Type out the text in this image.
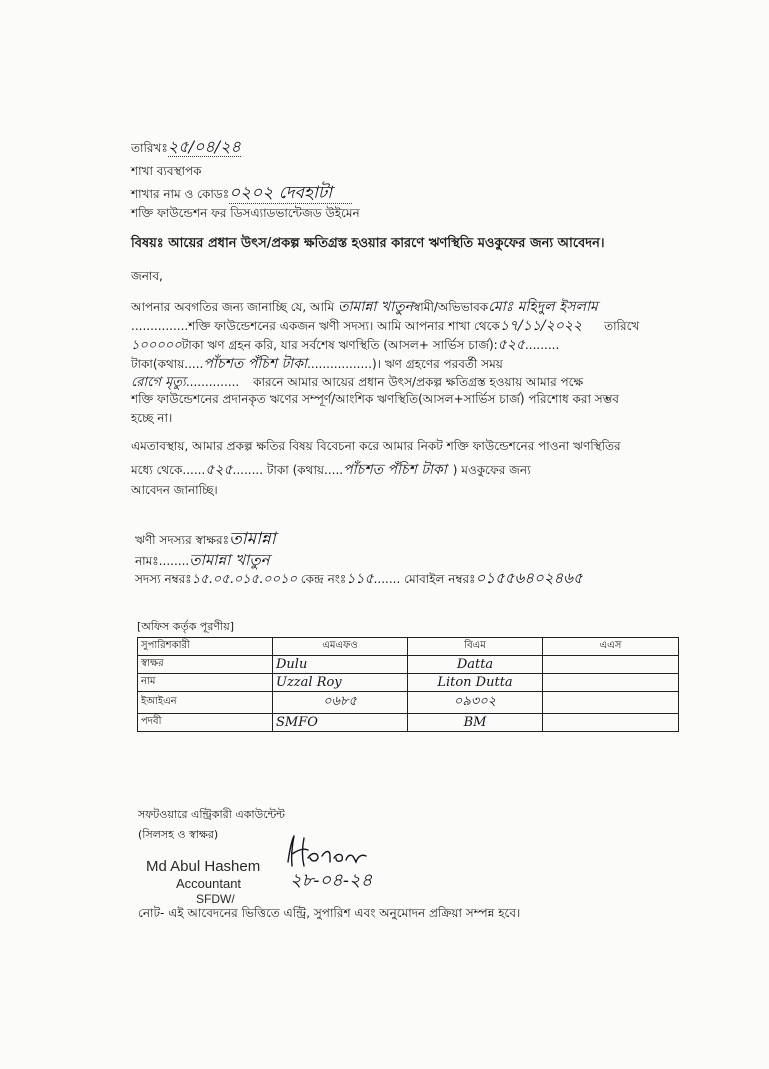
তারিখঃ২৫/০৪/২৪
শাখা ব্যবস্থাপক
শাখার নাম ও কোডঃ০২০২ দেবহাটা
শক্তি ফাউন্ডেশন ফর ডিসএ্যাডভান্টেজড উইমেন
বিষয়ঃ আয়ের প্রধান উৎস/প্রকল্প ক্ষতিগ্রস্ত হওয়ার কারণে ঋণস্থিতি মওকুফের জন্য আবেদন।
জনাব,
আপনার অবগতির জন্য জানাচ্ছি যে, আমি তামান্না খাতুনস্বামী/অভিভাবকমোঃ মহিদুল ইসলাম
...............শক্তি ফাউন্ডেশনের একজন ঋণী সদস্য। আমি আপনার শাখা থেকে১৭/১১/২০২২ তারিখে
১০০০০০টাকা ঋণ গ্রহন করি, যার সর্বশেষ ঋণস্থিতি (আসল+ সার্ভিস চার্জ):৫২৫.........
টাকা(কথায়.....পাঁচশত পঁচিশ টাকা.................)। ঋণ গ্রহণের পরবর্তী সময়
রোগে মৃত্যু.............. কারনে আমার আয়ের প্রধান উৎস/প্রকল্প ক্ষতিগ্রস্ত হওয়ায় আমার পক্ষে
শক্তি ফাউন্ডেশনের প্রদানকৃত ঋণের সম্পূর্ণ/আংশিক ঋণস্থিতি(আসল+সার্ভিস চার্জ) পরিশোধ করা সম্ভব
হচ্ছে না।
এমতাবস্থায়, আমার প্রকল্প ক্ষতির বিষয় বিবেচনা করে আমার নিকট শক্তি ফাউন্ডেশনের পাওনা ঋণস্থিতির
মধ্যে থেকে......৫২৫........ টাকা (কথায়.....পাঁচশত পঁচিশ টাকা ) মওকুফের জন্য
আবেদন জানাচ্ছি।
ঋণী সদস্যর স্বাক্ষরঃতামান্না
নামঃ........তামান্না খাতুন
সদস্য নম্বরঃ১৫.০৫.০১৫.০০১০ কেন্দ্র নংঃ১১৫....... মোবাইল নম্বরঃ০১৫৫৬৪০২৪৬৫
[অফিস কর্তৃক পূরণীয়]
সুপারিশকারী	এমএফও	বিএম	এএস
স্বাক্ষর	Dulu	Datta	
নাম	Uzzal Roy	Liton Dutta	
ইআইএন	০৬৮৫	০৯৩০২	
পদবী	SMFO	BM	
সফটওয়ারে এন্ট্রিকারী একাউন্টেন্ট
(সিলসহ ও স্বাক্ষর)
Md Abul Hashem
Accountant
SFDW/
২৮-০৪-২৪
নোট- এই আবেদনের ভিত্তিতে এন্ট্রি, সুপারিশ এবং অনুমোদন প্রক্রিয়া সম্পন্ন হবে।
